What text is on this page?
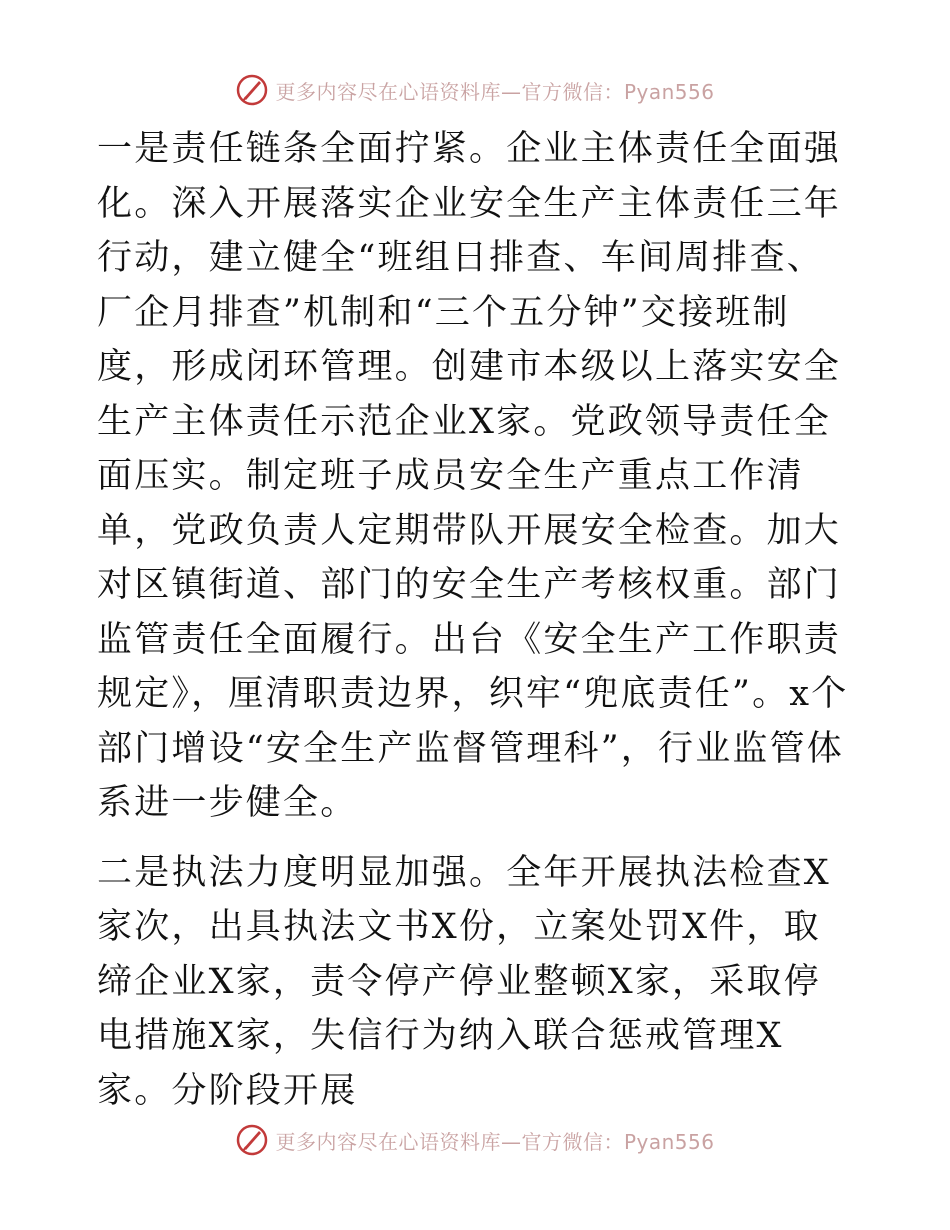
更多内容尽在心语资料库—官方微信：Pyan556

一是责任链条全面拧紧。企业主体责任全面强化。深入开展落实企业安全生产主体责任三年行动，建立健全“班组日排查、车间周排查、厂企月排查”机制和“三个五分钟”交接班制度，形成闭环管理。创建市本级以上落实安全生产主体责任示范企业X家。党政领导责任全面压实。制定班子成员安全生产重点工作清单，党政负责人定期带队开展安全检查。加大对区镇街道、部门的安全生产考核权重。部门监管责任全面履行。出台《安全生产工作职责规定》，厘清职责边界，织牢“兜底责任”。x个部门增设“安全生产监督管理科”，行业监管体系进一步健全。

二是执法力度明显加强。全年开展执法检查X家次，出具执法文书X份，立案处罚X件，取缔企业X家，责令停产停业整顿X家，采取停电措施X家，失信行为纳入联合惩戒管理X家。分阶段开展

更多内容尽在心语资料库—官方微信：Pyan556
